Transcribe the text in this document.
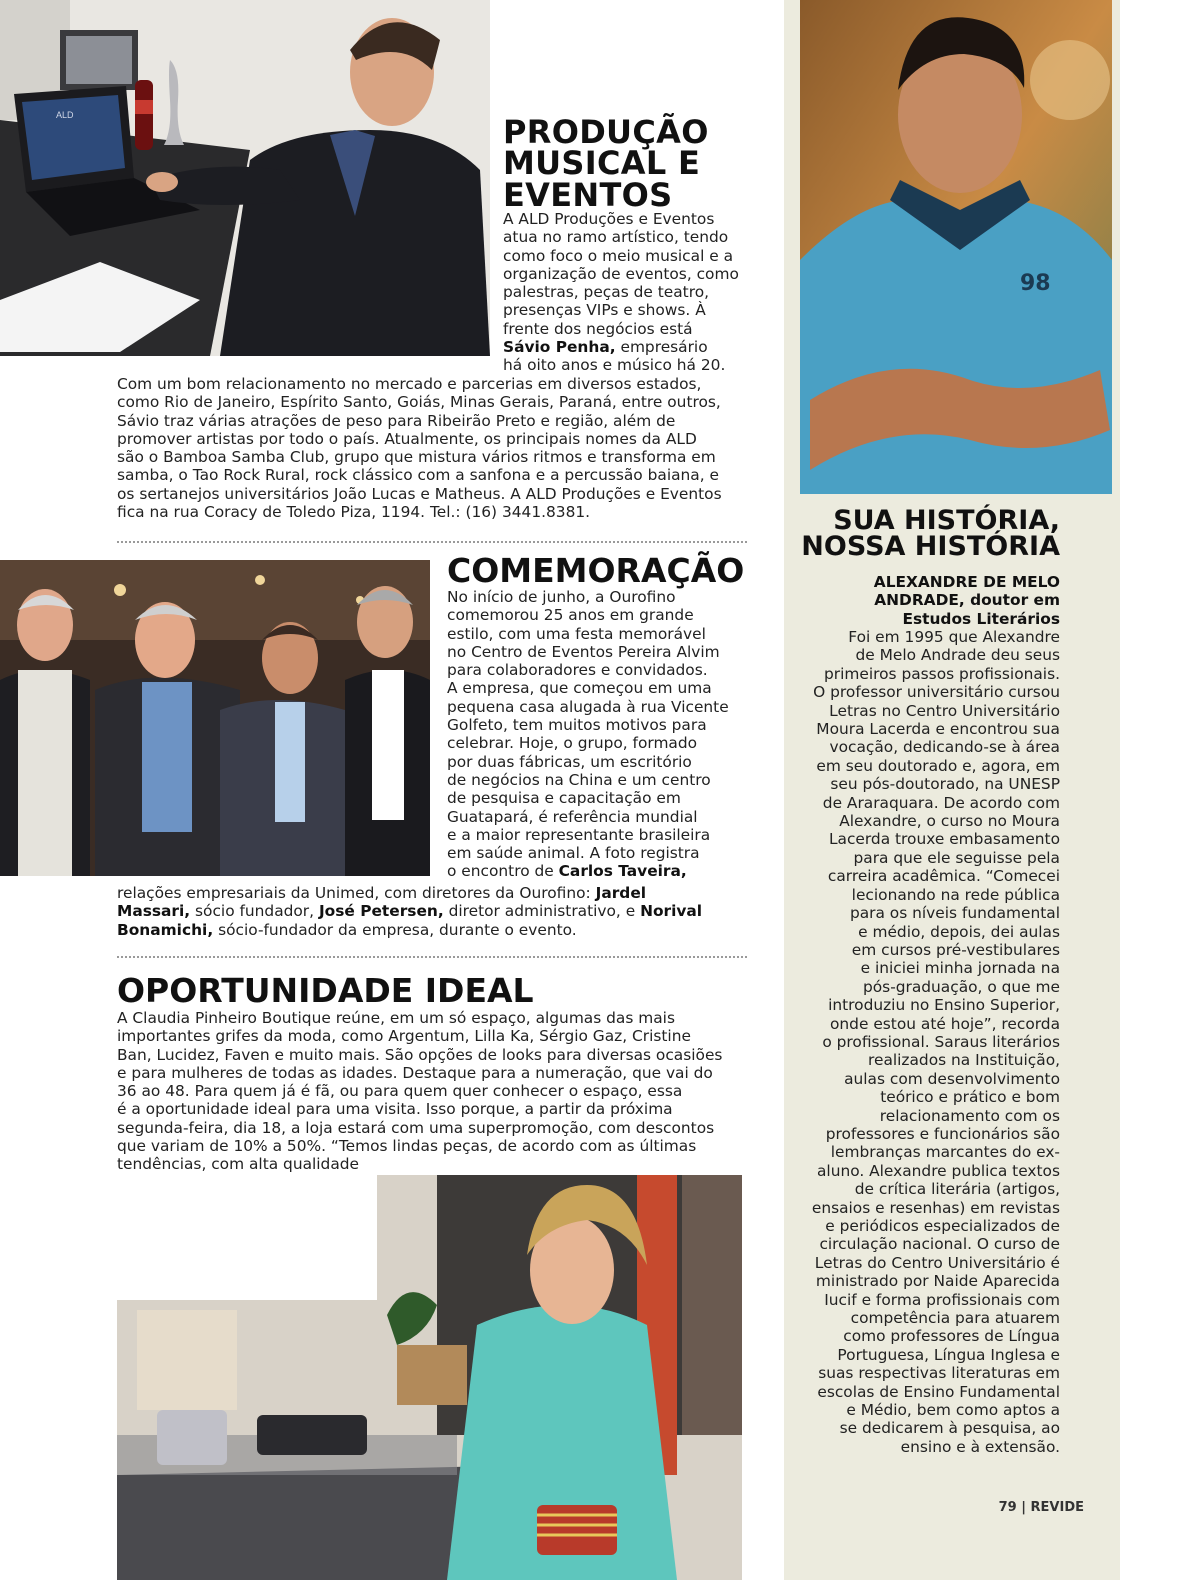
ALD
98
PRODUÇÃO
MUSICAL E
EVENTOS

A ALD Produções e Eventos

atua no ramo artístico, tendo

como foco o meio musical e a

organização de eventos, como

palestras, peças de teatro,

presenças VIPs e shows. À

frente dos negócios está

Sávio Penha, empresário

há oito anos e músico há 20.

Com um bom relacionamento no mercado e parcerias em diversos estados,

como Rio de Janeiro, Espírito Santo, Goiás, Minas Gerais, Paraná, entre outros,

Sávio traz várias atrações de peso para Ribeirão Preto e região, além de

promover artistas por todo o país. Atualmente, os principais nomes da ALD

são o Bamboa Samba Club, grupo que mistura vários ritmos e transforma em

samba, o Tao Rock Rural, rock clássico com a sanfona e a percussão baiana, e

os sertanejos universitários João Lucas e Matheus. A ALD Produções e Eventos

fica na rua Coracy de Toledo Piza, 1194. Tel.: (16) 3441.8381.

COMEMORAÇÃO

No início de junho, a Ourofino

comemorou 25 anos em grande

estilo, com uma festa memorável

no Centro de Eventos Pereira Alvim

para colaboradores e convidados.

A empresa, que começou em uma

pequena casa alugada à rua Vicente

Golfeto, tem muitos motivos para

celebrar. Hoje, o grupo, formado

por duas fábricas, um escritório

de negócios na China e um centro

de pesquisa e capacitação em

Guatapará, é referência mundial

e a maior representante brasileira

em saúde animal. A foto registra

o encontro de Carlos Taveira,

relações empresariais da Unimed, com diretores da Ourofino: Jardel

Massari, sócio fundador, José Petersen, diretor administrativo, e Norival

Bonamichi, sócio-fundador da empresa, durante o evento.

OPORTUNIDADE IDEAL

A Claudia Pinheiro Boutique reúne, em um só espaço, algumas das mais

importantes grifes da moda, como Argentum, Lilla Ka, Sérgio Gaz, Cristine

Ban, Lucidez, Faven e muito mais. São opções de looks para diversas ocasiões

e para mulheres de todas as idades. Destaque para a numeração, que vai do

36 ao 48. Para quem já é fã, ou para quem quer conhecer o espaço, essa

é a oportunidade ideal para uma visita. Isso porque, a partir da próxima

segunda-feira, dia 18, a loja estará com uma superpromoção, com descontos

que variam de 10% a 50%. “Temos lindas peças, de acordo com as últimas

tendências, com alta qualidade

SUA HISTÓRIA,
NOSSA HISTÓRIA
ALEXANDRE DE MELO
ANDRADE, doutor em
Estudos Literários

Foi em 1995 que Alexandre

de Melo Andrade deu seus

primeiros passos profissionais.

O professor universitário cursou

Letras no Centro Universitário

Moura Lacerda e encontrou sua

vocação, dedicando-se à área

em seu doutorado e, agora, em

seu pós-doutorado, na UNESP

de Araraquara. De acordo com

Alexandre, o curso no Moura

Lacerda trouxe embasamento

para que ele seguisse pela

carreira acadêmica. “Comecei

lecionando na rede pública

para os níveis fundamental

e médio, depois, dei aulas

em cursos pré-vestibulares

e iniciei minha jornada na

pós-graduação, o que me

introduziu no Ensino Superior,

onde estou até hoje”, recorda

o profissional. Saraus literários

realizados na Instituição,

aulas com desenvolvimento

teórico e prático e bom

relacionamento com os

professores e funcionários são

lembranças marcantes do ex-

aluno. Alexandre publica textos

de crítica literária (artigos,

ensaios e resenhas) em revistas

e periódicos especializados de

circulação nacional. O curso de

Letras do Centro Universitário é

ministrado por Naide Aparecida

Iucif e forma profissionais com

competência para atuarem

como professores de Língua

Portuguesa, Língua Inglesa e

suas respectivas literaturas em

escolas de Ensino Fundamental

e Médio, bem como aptos a

se dedicarem à pesquisa, ao

ensino e à extensão.

79 | REVIDE
